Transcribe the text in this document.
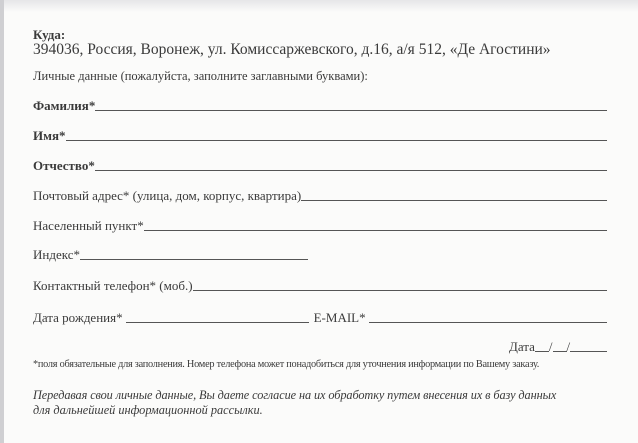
Куда:
394036, Россия, Воронеж, ул. Комиссаржевского, д.16, а/я 512, «Де Агостини»
Личные данные (пожалуйста, заполните заглавными буквами):
Фамилия*
Имя*
Отчество*
Почтовый адрес* (улица, дом, корпус, квартира)
Населенный пункт*
Индекс*
Контактный телефон* (моб.)
Дата рождения*	E-MAIL*
Дата / /
*поля обязательные для заполнения. Номер телефона может понадобиться для уточнения информации по Вашему заказу.
Передавая свои личные данные, Вы даете согласие на их обработку путем внесения их в базу данных
для дальнейшей информационной рассылки.
